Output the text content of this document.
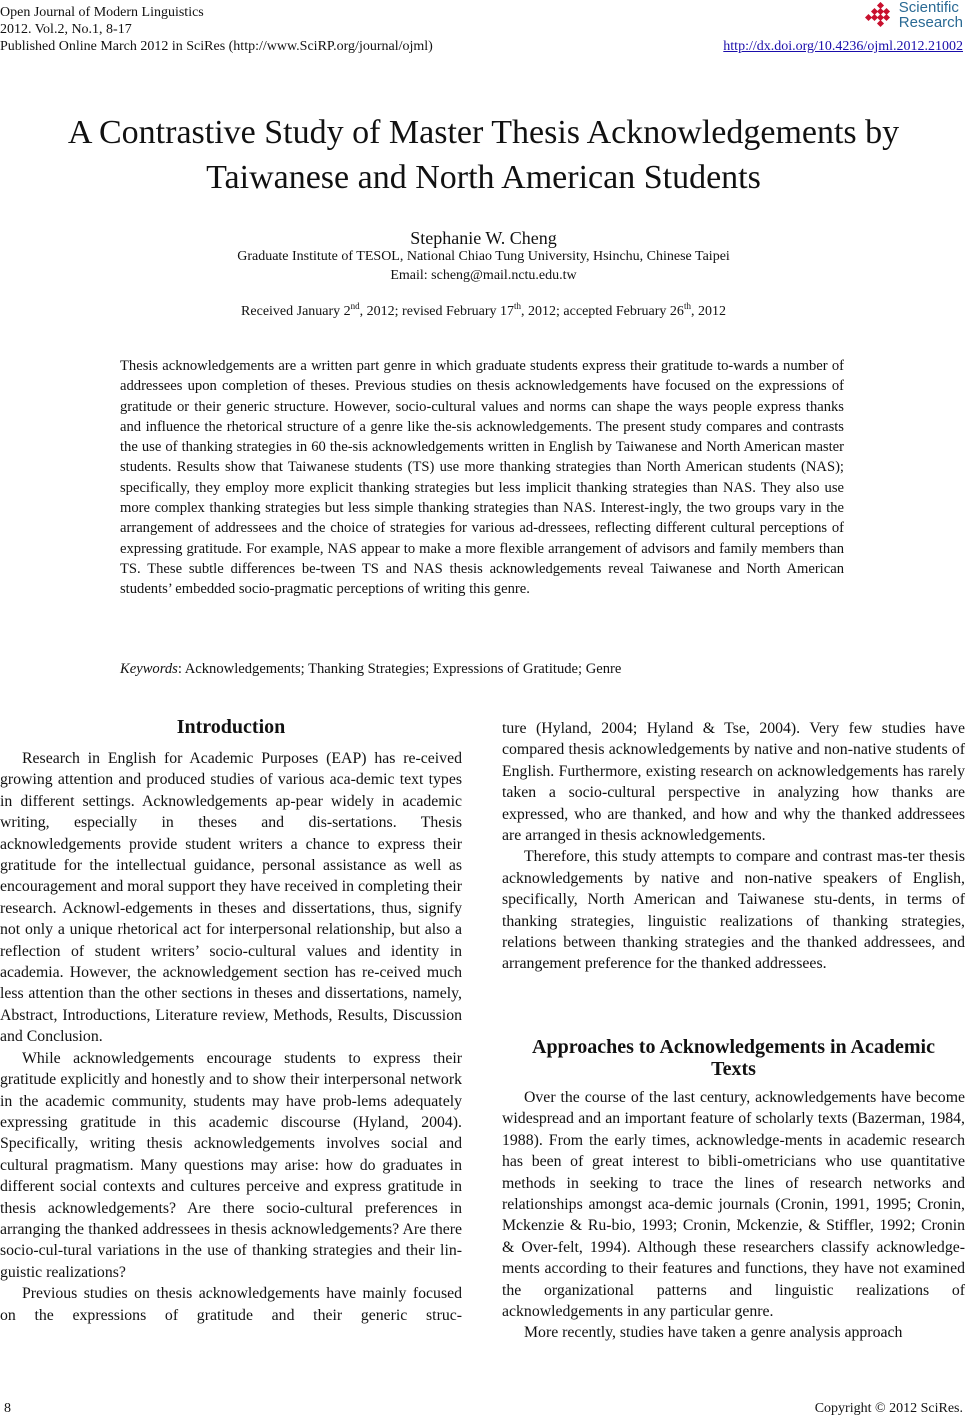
Open Journal of Modern Linguistics
2012. Vol.2, No.1, 8-17
Published Online March 2012 in SciRes (http://www.SciRP.org/journal/ojml)
Scientific
Research
http://dx.doi.org/10.4236/ojml.2012.21002
A Contrastive Study of Master Thesis Acknowledgements by
Taiwanese and North American Students
Stephanie W. Cheng
Graduate Institute of TESOL, National Chiao Tung University, Hsinchu, Chinese Taipei
Email: scheng@mail.nctu.edu.tw
Received January 2nd, 2012; revised February 17th, 2012; accepted February 26th, 2012
Thesis acknowledgements are a written part genre in which graduate students express their gratitude to-wards a number of addressees upon completion of theses. Previous studies on thesis acknowledgements have focused on the expressions of gratitude or their generic structure. However, socio-cultural values and norms can shape the ways people express thanks and influence the rhetorical structure of a genre like the-sis acknowledgements. The present study compares and contrasts the use of thanking strategies in 60 the-sis acknowledgements written in English by Taiwanese and North American master students. Results show that Taiwanese students (TS) use more thanking strategies than North American students (NAS); specifically, they employ more explicit thanking strategies but less implicit thanking strategies than NAS. They also use more complex thanking strategies but less simple thanking strategies than NAS. Interest-ingly, the two groups vary in the arrangement of addressees and the choice of strategies for various ad-dressees, reflecting different cultural perceptions of expressing gratitude. For example, NAS appear to make a more flexible arrangement of advisors and family members than TS. These subtle differences be-tween TS and NAS thesis acknowledgements reveal Taiwanese and North American students’ embedded socio-pragmatic perceptions of writing this genre.
Keywords: Acknowledgements; Thanking Strategies; Expressions of Gratitude; Genre
Introduction

Research in English for Academic Purposes (EAP) has re-ceived growing attention and produced studies of various aca-demic text types in different settings. Acknowledgements ap-pear widely in academic writing, especially in theses and dis-sertations. Thesis acknowledgements provide student writers a chance to express their gratitude for the intellectual guidance, personal assistance as well as encouragement and moral support they have received in completing their research. Acknowl-edgements in theses and dissertations, thus, signify not only a unique rhetorical act for interpersonal relationship, but also a reflection of student writers’ socio-cultural values and identity in academia. However, the acknowledgement section has re-ceived much less attention than the other sections in theses and dissertations, namely, Abstract, Introductions, Literature review, Methods, Results, Discussion and Conclusion.

While acknowledgements encourage students to express their gratitude explicitly and honestly and to show their interpersonal network in the academic community, students may have prob-lems adequately expressing gratitude in this academic discourse (Hyland, 2004). Specifically, writing thesis acknowledgements involves social and cultural pragmatism. Many questions may arise: how do graduates in different social contexts and cultures perceive and express gratitude in thesis acknowledgements? Are there socio-cultural preferences in arranging the thanked addressees in thesis acknowledgements? Are there socio-cul-tural variations in the use of thanking strategies and their lin-guistic realizations?

Previous studies on thesis acknowledgements have mainly focused on the expressions of gratitude and their generic struc-

ture (Hyland, 2004; Hyland & Tse, 2004). Very few studies have compared thesis acknowledgements by native and non-native students of English. Furthermore, existing research on acknowledgements has rarely taken a socio-cultural perspective in analyzing how thanks are expressed, who are thanked, and how and why the thanked addressees are arranged in thesis acknowledgements.

Therefore, this study attempts to compare and contrast mas-ter thesis acknowledgements by native and non-native speakers of English, specifically, North American and Taiwanese stu-dents, in terms of thanking strategies, linguistic realizations of thanking strategies, relations between thanking strategies and the thanked addressees, and arrangement preference for the thanked addressees.

Approaches to Acknowledgements in Academic
Texts

Over the course of the last century, acknowledgements have become widespread and an important feature of scholarly texts (Bazerman, 1984, 1988). From the early times, acknowledge-ments in academic research has been of great interest to bibli-ometricians who use quantitative methods in seeking to trace the lines of research networks and relationships amongst aca-demic journals (Cronin, 1991, 1995; Cronin, Mckenzie & Ru-bio, 1993; Cronin, Mckenzie, & Stiffler, 1992; Cronin & Over-felt, 1994). Although these researchers classify acknowledge-ments according to their features and functions, they have not examined the organizational patterns and linguistic realizations of acknowledgements in any particular genre.

More recently, studies have taken a genre analysis approach

8	Copyright © 2012 SciRes.
